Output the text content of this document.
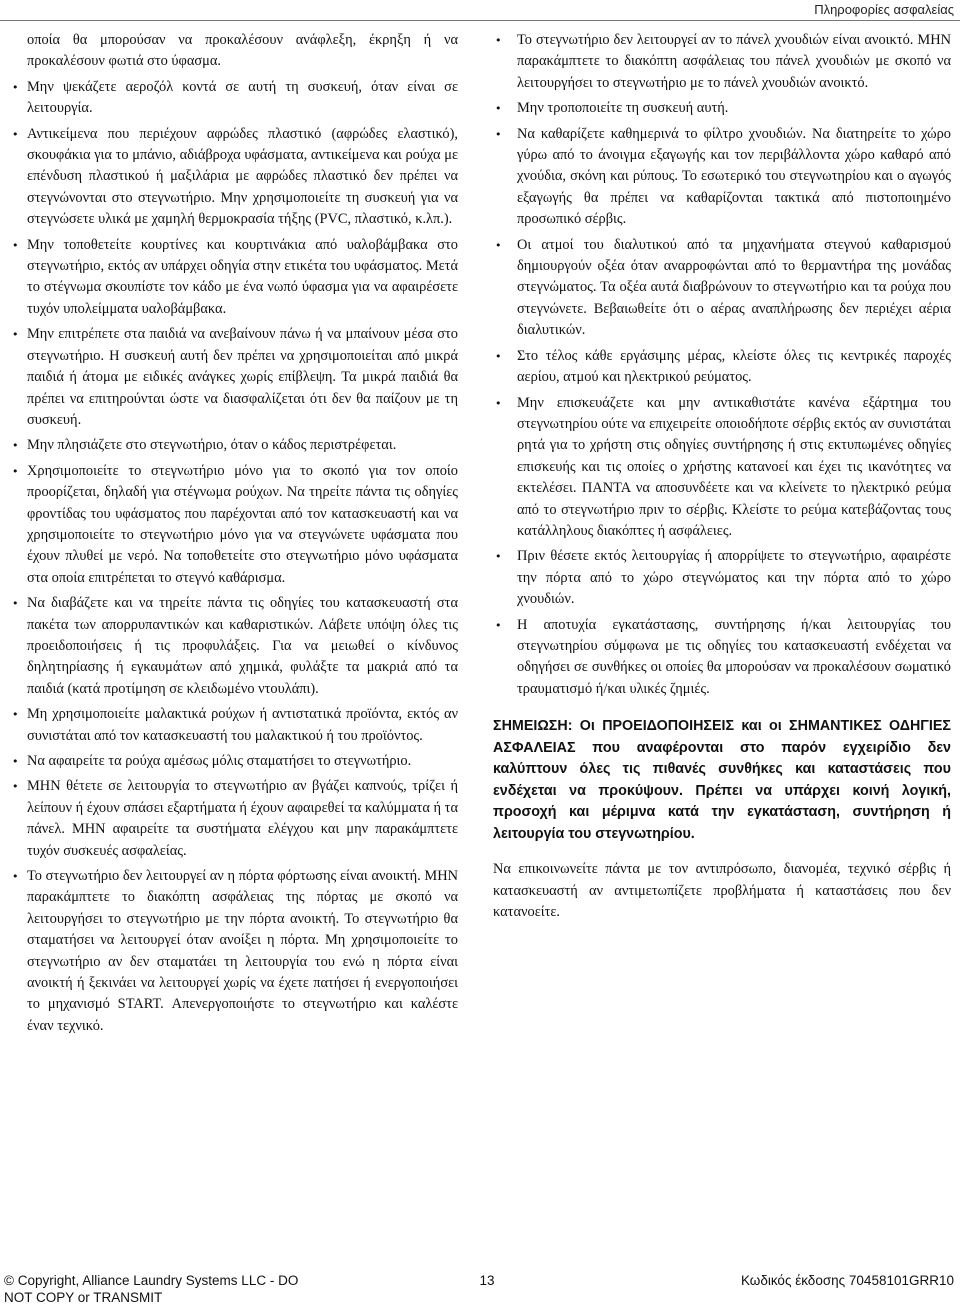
Πληροφορίες ασφαλείας
οποία θα μπορούσαν να προκαλέσουν ανάφλεξη, έκρηξη ή να προκαλέσουν φωτιά στο ύφασμα.
• Μην ψεκάζετε αεροζόλ κοντά σε αυτή τη συσκευή, όταν είναι σε λειτουργία.
• Αντικείμενα που περιέχουν αφρώδες πλαστικό (αφρώδες ελαστικό), σκουφάκια για το μπάνιο, αδιάβροχα υφάσματα, αντικείμενα και ρούχα με επένδυση πλαστικού ή μαξιλάρια με αφρώδες πλαστικό δεν πρέπει να στεγνώνονται στο στεγνωτήριο. Μην χρησιμοποιείτε τη συσκευή για να στεγνώσετε υλικά με χαμηλή θερμοκρασία τήξης (PVC, πλαστικό, κ.λπ.).
• Μην τοποθετείτε κουρτίνες και κουρτινάκια από υαλοβάμβακα στο στεγνωτήριο, εκτός αν υπάρχει οδηγία στην ετικέτα του υφάσματος. Μετά το στέγνωμα σκουπίστε τον κάδο με ένα νωπό ύφασμα για να αφαιρέσετε τυχόν υπολείμματα υαλοβάμβακα.
• Μην επιτρέπετε στα παιδιά να ανεβαίνουν πάνω ή να μπαίνουν μέσα στο στεγνωτήριο. Η συσκευή αυτή δεν πρέπει να χρησιμοποιείται από μικρά παιδιά ή άτομα με ειδικές ανάγκες χωρίς επίβλεψη. Τα μικρά παιδιά θα πρέπει να επιτηρούνται ώστε να διασφαλίζεται ότι δεν θα παίζουν με τη συσκευή.
• Μην πλησιάζετε στο στεγνωτήριο, όταν ο κάδος περιστρέφεται.
• Χρησιμοποιείτε το στεγνωτήριο μόνο για το σκοπό για τον οποίο προορίζεται, δηλαδή για στέγνωμα ρούχων. Να τηρείτε πάντα τις οδηγίες φροντίδας του υφάσματος που παρέχονται από τον κατασκευαστή και να χρησιμοποιείτε το στεγνωτήριο μόνο για να στεγνώνετε υφάσματα που έχουν πλυθεί με νερό. Να τοποθετείτε στο στεγνωτήριο μόνο υφάσματα στα οποία επιτρέπεται το στεγνό καθάρισμα.
• Να διαβάζετε και να τηρείτε πάντα τις οδηγίες του κατασκευαστή στα πακέτα των απορρυπαντικών και καθαριστικών. Λάβετε υπόψη όλες τις προειδοποιήσεις ή τις προφυλάξεις. Για να μειωθεί ο κίνδυνος δηλητηρίασης ή εγκαυμάτων από χημικά, φυλάξτε τα μακριά από τα παιδιά (κατά προτίμηση σε κλειδωμένο ντουλάπι).
• Μη χρησιμοποιείτε μαλακτικά ρούχων ή αντιστατικά προϊόντα, εκτός αν συνιστάται από τον κατασκευαστή του μαλακτικού ή του προϊόντος.
• Να αφαιρείτε τα ρούχα αμέσως μόλις σταματήσει το στεγνωτήριο.
• ΜΗΝ θέτετε σε λειτουργία το στεγνωτήριο αν βγάζει καπνούς, τρίζει ή λείπουν ή έχουν σπάσει εξαρτήματα ή έχουν αφαιρεθεί τα καλύμματα ή τα πάνελ. ΜΗΝ αφαιρείτε τα συστήματα ελέγχου και μην παρακάμπτετε τυχόν συσκευές ασφαλείας.
• Το στεγνωτήριο δεν λειτουργεί αν η πόρτα φόρτωσης είναι ανοικτή. ΜΗΝ παρακάμπτετε το διακόπτη ασφάλειας της πόρτας με σκοπό να λειτουργήσει το στεγνωτήριο με την πόρτα ανοικτή. Το στεγνωτήριο θα σταματήσει να λειτουργεί όταν ανοίξει η πόρτα. Μη χρησιμοποιείτε το στεγνωτήριο αν δεν σταματάει τη λειτουργία του ενώ η πόρτα είναι ανοικτή ή ξεκινάει να λειτουργεί χωρίς να έχετε πατήσει ή ενεργοποιήσει το μηχανισμό START. Απενεργοποιήστε το στεγνωτήριο και καλέστε έναν τεχνικό.
• Το στεγνωτήριο δεν λειτουργεί αν το πάνελ χνουδιών είναι ανοικτό. ΜΗΝ παρακάμπτετε το διακόπτη ασφάλειας του πάνελ χνουδιών με σκοπό να λειτουργήσει το στεγνωτήριο με το πάνελ χνουδιών ανοικτό.
• Μην τροποποιείτε τη συσκευή αυτή.
• Να καθαρίζετε καθημερινά το φίλτρο χνουδιών. Να διατηρείτε το χώρο γύρω από το άνοιγμα εξαγωγής και τον περιβάλλοντα χώρο καθαρό από χνούδια, σκόνη και ρύπους. Το εσωτερικό του στεγνωτηρίου και ο αγωγός εξαγωγής θα πρέπει να καθαρίζονται τακτικά από πιστοποιημένο προσωπικό σέρβις.
• Οι ατμοί του διαλυτικού από τα μηχανήματα στεγνού καθαρισμού δημιουργούν οξέα όταν αναρροφώνται από το θερμαντήρα της μονάδας στεγνώματος. Τα οξέα αυτά διαβρώνουν το στεγνωτήριο και τα ρούχα που στεγνώνετε. Βεβαιωθείτε ότι ο αέρας αναπλήρωσης δεν περιέχει αέρια διαλυτικών.
• Στο τέλος κάθε εργάσιμης μέρας, κλείστε όλες τις κεντρικές παροχές αερίου, ατμού και ηλεκτρικού ρεύματος.
• Μην επισκευάζετε και μην αντικαθιστάτε κανένα εξάρτημα του στεγνωτηρίου ούτε να επιχειρείτε οποιοδήποτε σέρβις εκτός αν συνιστάται ρητά για το χρήστη στις οδηγίες συντήρησης ή στις εκτυπωμένες οδηγίες επισκευής και τις οποίες ο χρήστης κατανοεί και έχει τις ικανότητες να εκτελέσει. ΠΑΝΤΑ να αποσυνδέετε και να κλείνετε το ηλεκτρικό ρεύμα από το στεγνωτήριο πριν το σέρβις. Κλείστε το ρεύμα κατεβάζοντας τους κατάλληλους διακόπτες ή ασφάλειες.
• Πριν θέσετε εκτός λειτουργίας ή απορρίψετε το στεγνωτήριο, αφαιρέστε την πόρτα από το χώρο στεγνώματος και την πόρτα από το χώρο χνουδιών.
• Η αποτυχία εγκατάστασης, συντήρησης ή/και λειτουργίας του στεγνωτηρίου σύμφωνα με τις οδηγίες του κατασκευαστή ενδέχεται να οδηγήσει σε συνθήκες οι οποίες θα μπορούσαν να προκαλέσουν σωματικό τραυματισμό ή/και υλικές ζημιές.

ΣΗΜΕΙΩΣΗ: Οι ΠΡΟΕΙΔΟΠΟΙΗΣΕΙΣ και οι ΣΗΜΑΝΤΙΚΕΣ ΟΔΗΓΙΕΣ ΑΣΦΑΛΕΙΑΣ που αναφέρονται στο παρόν εγχειρίδιο δεν καλύπτουν όλες τις πιθανές συνθήκες και καταστάσεις που ενδέχεται να προκύψουν. Πρέπει να υπάρχει κοινή λογική, προσοχή και μέριμνα κατά την εγκατάσταση, συντήρηση ή λειτουργία του στεγνωτηρίου.

Να επικοινωνείτε πάντα με τον αντιπρόσωπο, διανομέα, τεχνικό σέρβις ή κατασκευαστή αν αντιμετωπίζετε προβλήματα ή καταστάσεις που δεν κατανοείτε.

© Copyright, Alliance Laundry Systems LLC - DO NOT COPY or TRANSMIT
13	Κωδικός έκδοσης 70458101GRR10
